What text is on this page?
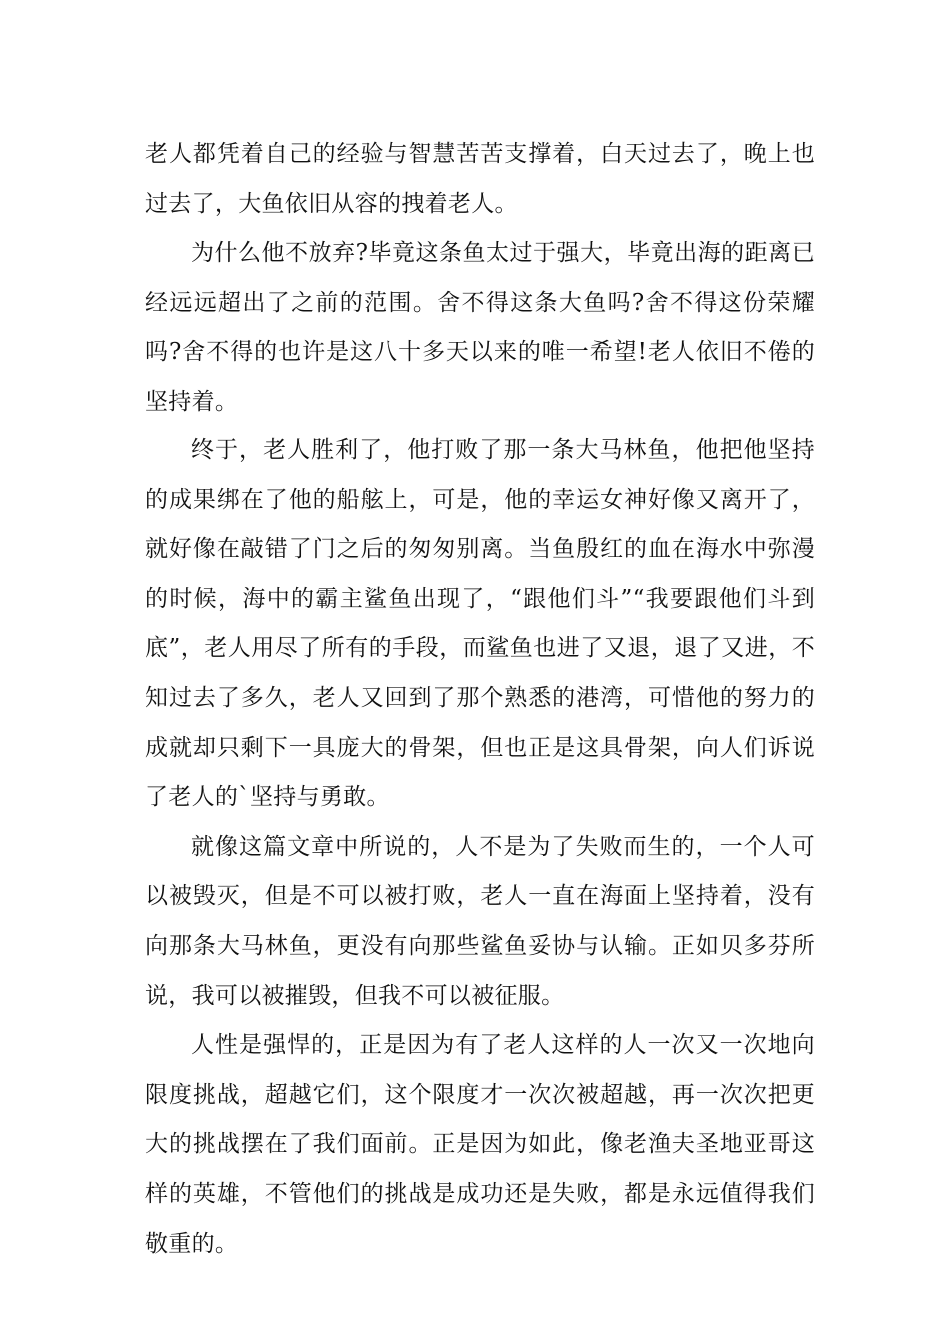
老人都凭着自己的经验与智慧苦苦支撑着，白天过去了，晚上也过去了，大鱼依旧从容的拽着老人。

为什么他不放弃?毕竟这条鱼太过于强大，毕竟出海的距离已经远远超出了之前的范围。舍不得这条大鱼吗?舍不得这份荣耀吗?舍不得的也许是这八十多天以来的唯一希望!老人依旧不倦的坚持着。

终于，老人胜利了，他打败了那一条大马林鱼，他把他坚持的成果绑在了他的船舷上，可是，他的幸运女神好像又离开了，就好像在敲错了门之后的匆匆别离。当鱼殷红的血在海水中弥漫的时候，海中的霸主鲨鱼出现了，“跟他们斗”“我要跟他们斗到底”，老人用尽了所有的手段，而鲨鱼也进了又退，退了又进，不知过去了多久，老人又回到了那个熟悉的港湾，可惜他的努力的成就却只剩下一具庞大的骨架，但也正是这具骨架，向人们诉说了老人的`坚持与勇敢。

就像这篇文章中所说的，人不是为了失败而生的，一个人可以被毁灭，但是不可以被打败，老人一直在海面上坚持着，没有向那条大马林鱼，更没有向那些鲨鱼妥协与认输。正如贝多芬所说，我可以被摧毁，但我不可以被征服。

人性是强悍的，正是因为有了老人这样的人一次又一次地向限度挑战，超越它们，这个限度才一次次被超越，再一次次把更大的挑战摆在了我们面前。正是因为如此，像老渔夫圣地亚哥这样的英雄，不管他们的挑战是成功还是失败，都是永远值得我们敬重的。
